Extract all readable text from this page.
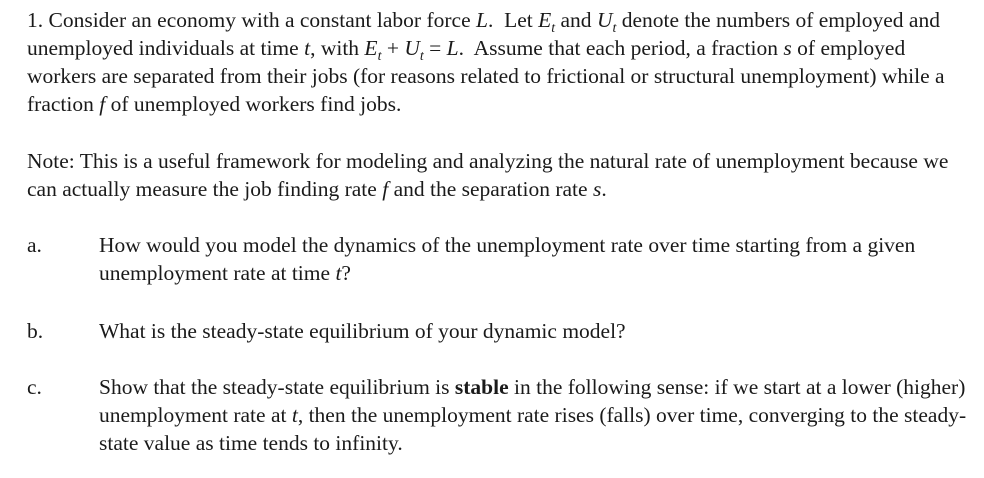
1. Consider an economy with a constant labor force L.  Let $E_t$ and $U_t$ denote the numbers of employed and unemployed individuals at time t, with $E_t + U_t = L$.  Assume that each period, a fraction s of employed workers are separated from their jobs (for reasons related to frictional or structural unemployment) while a fraction f of unemployed workers find jobs.

Note: This is a useful framework for modeling and analyzing the natural rate of unemployment because we can actually measure the job finding rate f and the separation rate s.

a.	How would you model the dynamics of the unemployment rate over time starting from a given unemployment rate at time t?
b.	What is the steady-state equilibrium of your dynamic model?
c.	Show that the steady-state equilibrium is stable in the following sense: if we start at a lower (higher) unemployment rate at t, then the unemployment rate rises (falls) over time, converging to the steady-state value as time tends to infinity.
